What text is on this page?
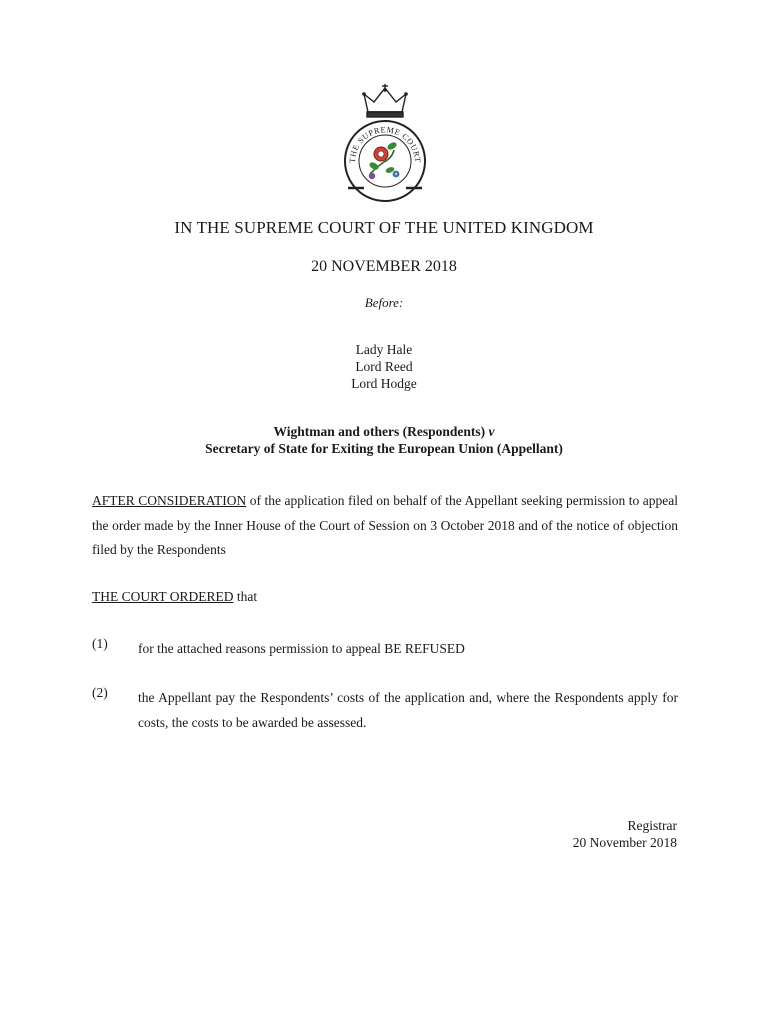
THE SUPREME COURT
IN THE SUPREME COURT OF THE UNITED KINGDOM
20 NOVEMBER 2018
Before:
Lady Hale
Lord Reed
Lord Hodge
Wightman and others (Respondents) v
Secretary of State for Exiting the European Union (Appellant)
AFTER CONSIDERATION of the application filed on behalf of the Appellant seeking permission to appeal the order made by the Inner House of the Court of Session on 3 October 2018 and of the notice of objection filed by the Respondents
THE COURT ORDERED that
(1) for the attached reasons permission to appeal BE REFUSED
(2) the Appellant pay the Respondents’ costs of the application and, where the Respondents apply for costs, the costs to be awarded be assessed.
Registrar
20 November 2018
